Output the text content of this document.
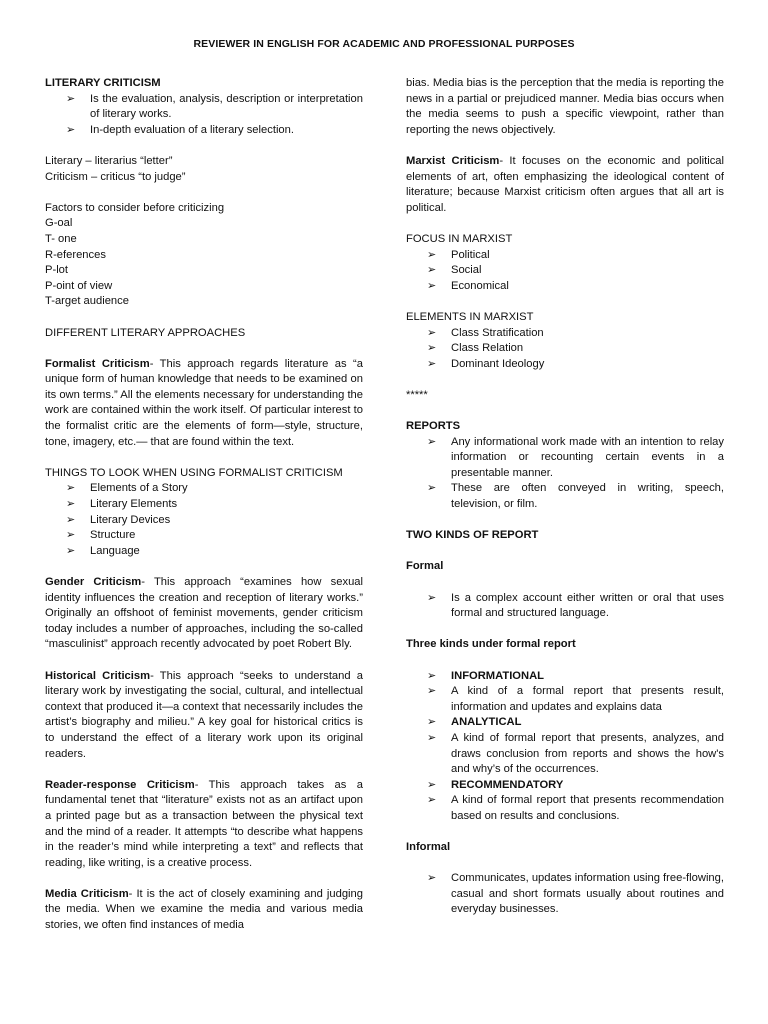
REVIEWER IN ENGLISH FOR ACADEMIC AND PROFESSIONAL PURPOSES

LITERARY CRITICISM

➢	Is the evaluation, analysis, description or interpretation of literary works.
➢	In-depth evaluation of a literary selection.

Literary – literarius “letter”

Criticism – criticus “to judge”

Factors to consider before criticizing

G-oal

T- one

R-eferences

P-lot

P-oint of view

T-arget audience

DIFFERENT LITERARY APPROACHES

Formalist Criticism- This approach regards literature as “a unique form of human knowledge that needs to be examined on its own terms.” All the elements necessary for understanding the work are contained within the work itself. Of particular interest to the formalist critic are the elements of form—style, structure, tone, imagery, etc.— that are found within the text.

THINGS TO LOOK WHEN USING FORMALIST CRITICISM

➢	Elements of a Story
➢	Literary Elements
➢	Literary Devices
➢	Structure
➢	Language

Gender Criticism- This approach “examines how sexual identity influences the creation and reception of literary works.” Originally an offshoot of feminist movements, gender criticism today includes a number of approaches, including the so-called “masculinist” approach recently advocated by poet Robert Bly.

Historical Criticism- This approach “seeks to understand a literary work by investigating the social, cultural, and intellectual context that produced it—a context that necessarily includes the artist’s biography and milieu.” A key goal for historical critics is to understand the effect of a literary work upon its original readers.

Reader-response Criticism- This approach takes as a fundamental tenet that “literature” exists not as an artifact upon a printed page but as a transaction between the physical text and the mind of a reader. It attempts “to describe what happens in the reader’s mind while interpreting a text” and reflects that reading, like writing, is a creative process.

Media Criticism- It is the act of closely examining and judging the media. When we examine the media and various media stories, we often find instances of media

bias. Media bias is the perception that the media is reporting the news in a partial or prejudiced manner. Media bias occurs when the media seems to push a specific viewpoint, rather than reporting the news objectively.

Marxist Criticism- It focuses on the economic and political elements of art, often emphasizing the ideological content of literature; because Marxist criticism often argues that all art is political.

FOCUS IN MARXIST

➢	Political
➢	Social
➢	Economical

ELEMENTS IN MARXIST

➢	Class Stratification
➢	Class Relation
➢	Dominant Ideology

*****

REPORTS

➢	Any informational work made with an intention to relay information or recounting certain events in a presentable manner.
➢	These are often conveyed in writing, speech, television, or film.

TWO KINDS OF REPORT

Formal

➢	Is a complex account either written or oral that uses formal and structured language.

Three kinds under formal report

➢	INFORMATIONAL
➢	A kind of a formal report that presents result, information and updates and explains data
➢	ANALYTICAL
➢	A kind of formal report that presents, analyzes, and draws conclusion from reports and shows the how's and why’s of the occurrences.
➢	RECOMMENDATORY
➢	A kind of formal report that presents recommendation based on results and conclusions.

Informal

➢	Communicates, updates information using free-flowing, casual and short formats usually about routines and everyday businesses.
